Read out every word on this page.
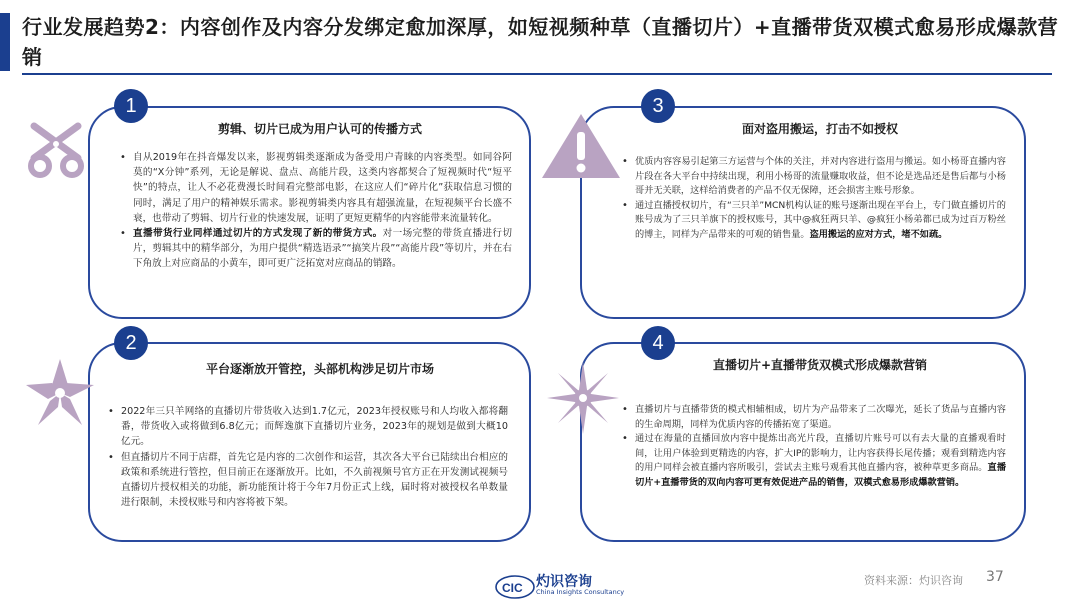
行业发展趋势2：内容创作及内容分发绑定愈加深厚，如短视频种草（直播切片）+直播带货双模式愈易形成爆款营销
1
剪辑、切片已成为用户认可的传播方式
• 自从2019年在抖音爆发以来，影视剪辑类逐渐成为备受用户青睐的内容类型。如同谷阿莫的“X分钟”系列，无论是解说、盘点、高能片段，这类内容都契合了短视频时代“短平快”的特点，让人不必花费漫长时间看完整部电影，在这应人们“碎片化”获取信息习惯的同时，满足了用户的精神娱乐需求。影视剪辑类内容具有超强流量，在短视频平台长盛不衰，也带动了剪辑、切片行业的快速发展，证明了更短更精华的内容能带来流量转化。
• 直播带货行业同样通过切片的方式发现了新的带货方式。对一场完整的带货直播进行切片，剪辑其中的精华部分，为用户提供“精选语录”“搞笑片段”“高能片段”等切片，并在右下角放上对应商品的小黄车，即可更广泛拓宽对应商品的销路。
3
面对盗用搬运，打击不如授权
• 优质内容容易引起第三方运营与个体的关注，并对内容进行盗用与搬运。如小杨哥直播内容片段在各大平台中持续出现，利用小杨哥的流量赚取收益，但不论是选品还是售后都与小杨哥并无关联，这样给消费者的产品不仅无保障，还会损害主账号形象。
• 通过直播授权切片，有“三只羊”MCN机构认证的账号逐渐出现在平台上，专门做直播切片的账号成为了三只羊旗下的授权账号，其中@疯狂两只羊、@疯狂小杨弟都已成为过百万粉丝的博主，同样为产品带来的可观的销售量。盗用搬运的应对方式，堵不如疏。
2
平台逐渐放开管控，头部机构涉足切片市场
• 2022年三只羊网络的直播切片带货收入达到1.7亿元，2023年授权账号和人均收入都将翻番，带货收入或将做到6.8亿元；而辉逸旗下直播切片业务，2023年的规划是做到大概10亿元。
• 但直播切片不同于店群，首先它是内容的二次创作和运营，其次各大平台已陆续出台相应的政策和系统进行管控，但目前正在逐渐放开。比如，不久前视频号官方正在开发测试视频号直播切片授权相关的功能，新功能预计将于今年7月份正式上线，届时将对被授权名单数量进行限制，未授权账号和内容将被下架。
4
直播切片+直播带货双模式形成爆款营销
• 直播切片与直播带货的模式相辅相成，切片为产品带来了二次曝光，延长了货品与直播内容的生命周期，同样为优质内容的传播拓宽了渠道。
• 通过在海量的直播回放内容中提炼出高光片段，直播切片账号可以有去大量的直播观看时间，让用户体验到更精选的内容，扩大IP的影响力，让内容获得长尾传播；观看到精选内容的用户同样会被直播内容所吸引，尝试去主账号观看其他直播内容，被种草更多商品。直播切片+直播带货的双向内容可更有效促进产品的销售，双模式愈易形成爆款营销。
CIC 灼识咨询
China Insights Consultancy
资料来源：灼识咨询 37
